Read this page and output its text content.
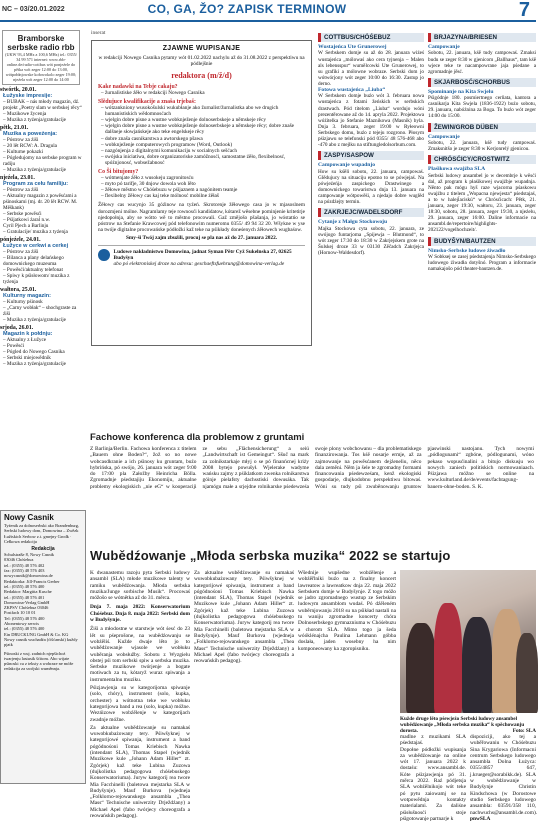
NC – 03/20.01.2022	CO, GA, ŽO? ZAPISK TERMINOW	7
Bramborske serbske radio rbb
(UKW 93,4 MHz a 100,6 MHz) tel.: 0355/ 34 99 571 internet: www.rbb-online.de/radio-cottbus wót ponjeźele do pětka wót zeger 12:00 do 13:00, wótpołdnjowske kołowokolo zeger 19:00; njeźela wót zeger 12:00 do 14:00
stwórtk, 20.01.
Łužyske impresije:
– BUBAK – nás młody magazin, dź. projekt „Poetry slam w serbskej rěcy“
– Muzikowe žycenja
– Muzika z tyźenja/gratulacije
pětk, 21.01.
Muzika a poweźenja:
– Póstrow za źiši
– 20 lět RCW: A. Dragula
– Kulturne pokazki
– Pógledujomy na serbske program w radiju
– Muzika z tyźenja/gratulacije
njeźela, 23.01.
Program za cełu familiju:
– Póstrow za źiši
– Aktualny magazin z powěsćami a pśinoskami (mj. dr. 20 lět RCW. M. Měškank)
– Serbske powěsći
– Pśijatkowi źaraĺ n.w.
Cyril Pjech a Barlinju
– Gratulacije/ muzika z tyźenja
pónjeźele, 24.01.
Łužyce w cerkwi a cerkej
– Póstrow za źiši
– Bilanca a plany delańskego domownickego muzeuma
– Powěsći/aktualny telefonat
– Spiwy k pśisłowom/ muzika z tyźenja
wałtora, 25.01.
Kulturny magazin:
– Kulturny pśinosk
– „Carny wobłak“ – shochgraste za źiši
– Muzika z tyźenja/gratulacije
srjoda, 26.01.
Magazin k połdnju:
– Aktualny z Łužyce
– Powěsći
– Pógled do Nowego Casnika
– Serbski miejowědník
– Muzika z tyźenja/gratulacije
Nowy Casnik
Tyźenik za dolnoserbski ako Brandenburg, Serbski ludowy dom, Domowina – Zwězk Łužiskich Serbow z.t. gmejny Grodk · Cełkowa redakcija
Redakcija
Schulstraße 8, Nowy Casnik
03046 Chóśebuz
tel.: (0355) 48 576 402
fax: (0355) 48 576 403
nowycasnik@domowina.de
Redaktorka: Jill-Francis Gerber
tel.: (0355) 48 576 400
Redaktor: Margitta Kusche
tel.: (0355) 48 576 401
Domowina-Verlag GmbH
ZKPSV Chóśebuz 03046
Postfach 10 10 01
Tel: (0355) 48 576 400
Abonentowy serwis
tel.: (0355) 48 576 400
Ein DRUCKUNG GmbH & Co. KG
Nowy casnik wuchadźa (ćišćanski) kuždy pjatk
Pśinoski z wuj. zadnich njepšichoź twarjenju lastusik šćitom. Abo wijate pśinoski cu z teksty a wobraze ne móže redakcija za swójski wuměnnja.
inserat
ZJAWNE WUPISANJE
w redakciji Nowego Casnika pytamy wót 01.02.2022 nachylu až do 31.08.2022 z perspektiwu na pódlejšnie
redaktora (m/ž/d)
Kake nadawki na Tebje cakaju?
– žurnalistiske źěło w redakciji Nowego Casnika
Slědujuce kwalifikacije a znaša trjebaš:
– wótzankniony wusokošulski wukubłanje ako žurnalist/žurnalistka abo we drugich humanistiskich wědomnosćach
– wjelgin dobre pisne a wustne wobknježenje dolnoserbskeje a němskeje rěcy
– wjelgin dobre pisne a wustne wobknježenje dolnoserbskeje a němskeje rěcy; dobre znaše dalšneje słowjańskeje ako teke engelskeje rěcy
– dobre znaša casnikarstwa a awtorskego pšawa
– wobknježenje computerowych programow (Word, Outlook)
– nazgónjenja z digitalnymi komunikaciju w socialnych sešćach
– swójska iniciatiwa, dobre organizatoriske zamóžnosći, samostatne źěło, flexibelnosć, spóźnjonosć, wobsežabnosć
Co Ši bitujomy?
– wótmenjate źěło z wusokeju zagronitosću
– myto pó tarifje, 30 dnjow dowola woh lěto
– žěłowe městno w Chóśebuzu w pśijaznem a nagónitem teamje
– flexibelny žěłowy cas kaj teke mólnosć mobilne źěłaš
Žěłowy cas wucynjo 35 góźinow na tyźeń. Skrotcenje žěłowego casa jo w mjasoslnem dorozmjeni mólne. Nagramlamy teje rownosći kandidatow, kótarež wěsebne pominjenie kritetirje njedopołnja, aby se wótto wě to městno procowali. Gaž změjošo pšašanja, jo wóstatńo se póstrow na Stefanie Krawcowej pód telefonowim numeromu 0355/ 49 94 32 20. Wšykne w yse na twóje digitalne procowańske pódłožki kaž teke na pśikłady doneśenych źěłowech wugbaśow.
Smy-ši Twój zajm zbuźili, procuj se pla nas až do 27. januara 2022.
Ludowe nakładnistwo Domowina, jadnat Syman Pětr Cyž Sukelnska 27, 02625 Budyšyn
abo pó elektroniskej drozе na adresu: geschaeftsfuehrung@domowina-verlag.de
COTTBUS/CHÓŚEBUZ
Wustajeńca Ute Grunerowej

W Serbskem domje su až do 28. januara wiźeś wustajeńca „mólowaś ako cera tyjnenja – Malen als lebensspur“ wumělcowki Ute Grunerowej, to su grafiki a mólowne wobraze. Serbski dom jo wótwórjony wót zeger 10:00 do 16:30. Zastup jo derno.

Fotowa wustajeńca „Liuba“

W Serbskem domje buźo wót 3. februara nowa wustajeńca z fotami žeńskich w serbskich drastwach. Pód titelom „Liuba“ wordujo wóni prezentěrowane až do 14. apryla 2022. Projektowa wóźitelka jo Stefanie Maznikowa (Masnik) byla. Dnja 3. februara, zeger 19:00 w Ryłeowni Serbskego domu, buźo z tejeju rozgrono. Płosym pśizjawu se telefonski pód 0355/ 48 576-468 abo -470 abo z mejlku na stiftungledolsorbum.com.

ZASPY/SASPOW
Campowanje wupadnjo

How su kśěli sobotu, 22. januara, campowaś. Glědujucy na situaciju epotno to se pówjejaś. Na pówjeźeńja zaspickego Drastwinego a domownickego towaristwa dnja 13. januara na campowanje wótpowěśi, a njedajo dobre wuglěd na pózdźejty termin.

ZAKRJEJC/WADELSDORF
Cytanje z Małgu Stockowoju

Majka Stockowa cyta sobotu, 22. januara, ze swójogo funtarjoma „Spijewja – Blutmond“, to wót zeger 17:30 do 18:30 w Zakrjejskem grote na Šulskej drozе 33 w 03130 Zěčadch Zakrjejca (Hornow-Waldesdorf).

BRJAZYNA/BRIESEN
Campowanje

Sobotu, 22. januara, kśě tudy campowaś. Zmaksi budu se zeger 8:30 w gjenicom „Ballhaus“, tam kśě wjece teke te nacampowrane jaja pśedane a zgromadnje jěsć.

SKJARBOSĆ/SCHORBUS
Spominanje na Kita Swjelu

Pśigódnje 180. posmiertnego cerňata, kantora a casnikarja Kita Swjela (1836-1922) buźo sobotu, 29. januara, nabóźnina za Boga. To buźo wót zeger 14:00 do 15:00.

ŽEWIN/GROB DÜBEN
Campowanje

Sobotu, 22. januara, kśě tudy campowaś. Zmaksnitšo je zeger 8:30 w Kerjonrelý gjenicou.

CHRÓSĆICY/CROSTWITZ
Płaśikowa swajźba SLA

Serbski ludowy ansambel jo w decembrje k wěsći dal, až program k płaśikowej swajźbje wupadnja. Něnto pak mógu hyš raze wjacorna pśaskowu swajźbu z titelem „Wopacna njewjesta“ pśedstajaś, a to w halejĺaciskú“ w Chrósćicach: Pětk, 21. januara, zeger 19:30, wałtoru, 23. januara, zeger 18:30, sobotu, 28. januara, zeger 19:30, a njeźelu, 29. januara, zeger 16:00. Daline informacie na ansambl.de/repertoire/highlights-202122/vogelhochzeit/.

BUDYŠYN/BAUTZEN
Nimsko-Serbske ludowe źiwadło

W Sobksej se zasej pśedstajenja Nimsko-Serbskego ludowego źiwadła dotyšnó. Program a informacie namakajošo pód theater-bautzen.de.

Fachowe konferenca dla problemow z gruntami
Z Barlinja/Berlin. Fachowa konferenca z titelem „Bauern ohne Boden?“, žož so no nowe wobcasdkranie a ich pśinosy ku gruntam, buźo hybrińska, pó swójo, 26. januara wót zeger 9:00 do 17:00 pla Załožby Heinricha Bölla. Zgromadnje pśedstajiju Ekonomiju, aktualne problemy ekologiskich „nie eG“ w kooperaciji ze sebu „Flächensicherung“ a seiú „Landwirtschaft ist Gemeingut“. Sšuč na mark za zolnikstarkaje młyj o se pó finanńcnej kriży 2008 bytejo powušył. Wjelerake wadyme wańsku zajmy z pśiklatkom zwenka rolnikarstwa góinje pielafsty dachsstiski dowusáka. Tak njamógu małe a srjejdne rolnikarske pśedewześa swoje plony wobchowanu – dla problematiskego finanzirowanja. Tos kśě nosarje ermje, až za zajmowanje na powěsćanem dejźeneliu, něco dala zeměni. Něm ja šele te zgromadny formami financowania pśedewześam, kenž ekologiski gospodarje, dlujkodobnu perspektiwu bitowaś. Wóni su tudy pśi zwuběnowanju gruntow pjaswinski nastojanu. Tych nowymi „pódlogunami“ zgbóne, pódlogunami, wóno pekaso wopusćinalini a bitujo diskusju wo nowych zaniech politiskich normowaniaach. Pśizjawa móžno se online na www.kulturland.de/de/events/fachtagung-bauern-ohne-boden. S. K.
Wubědźowanje „Młoda serbska muzika“ 2022 se startujo
K dwanastemu razoju pyta Serbski ludowy ansambl (SLA) młode muzikowe talenty w ramiku wubědźowanja. Młoda serbska muzika/Junge sorbische Musik“. Procowaś móžošo se wótnětka až do 31. měrca.
Dnja 7. maja 2022: Konserwatorium Chóśebuz. Dnja 8. maja 2022: Serbski dom w Budyšynje.
Źiši a młodostne w starstwje wót śesć do 23 lět su pśeprošone, na wubědźowanju se wobźěliś. Kužde dwaje lěto jo to wubědźowanje wjasole we wobłuku wuběranja wobsłužby. Sobotu z Wyzgielu obstej pśi tom serbski spiw a serbska muzika. Serbske muzikowe twórjenje a bogate motiwach za tu, kótaryž wuraz spiwanja a instrumentalnu muziku.
Pśizjawjenja su w kategorijoma spiwanje (solo, chóry), instrument (solo, kupka, orchester) a wótnotna teke we wobłuku kategorijowa band a rea (solo, kupka) móžne. Wezńizowe wobźělenje w kategorijach zwadnje móžne.
Za aktualne wubědźowanje su namakaś wuwobkubażowany tery. Pśiwšyknej w kategorijowé spiwanja, instrument a band pógódnośoni Tomas Kriebisch Nawka (intendant SLA), Thomas Stapel (wjednik Muzikowe kule „Johann Adam Hiller“ zt. Zgórjek) kaž teke Lubina Zuzowa (dujkolistka pedagogowa chóśebuskego Konserwatoriuma). Juryw kategorij rea twore Mia Facchinelli (baletowa mejstarka SLA w Budyšynje). Mauf Burkova (wjedneja „Folklorno-rejowanskego ansambla „Thea Mass“ Technische uniwerzity Drježdźany) a Michael Apel (fabo twórjecy choreografa a reowańskih pedagog).
Za aktualne wubědźowanje su namakaś wuwobkubażowany tery. Pśiwšyknej w kategorijowé spiwanja, instrument a band pógódnośoni Tomas Kriebisch Nawka (intendant SLA), Thomas Stapel (wjednik Muzikowe kule „Johann Adam Hiller“ zt. Zgórjek) kaž teke Lubina Zuzowa (dujkolistka pedagogowa chóśebuskego Konserwatoriuma). Juryw kategorij rea twore Mia Facchinelli (baletowa mejstarka SLA w Budyšynje). Mauf Burkova (wjedneja „Folklorno-rejowanskego ansambla „Thea Mass“ Technische uniwerzity Drježdźany) a Michael Apel (fabo twórjecy choreografa a reowańskih pedagog).
Wšednije wupšedne wobźělenje a wobźěřlniki buźo na z finalny koncert lawreatow a lawreatkow dnja 22. maja 2022 Serbskem domje w Budyšynje. Z togo móžo se jadro zgromadnego wustup ze Serbskim ludowym ansamblom wudaś. Pó dźěleném wuběrnjowanju 2018 su na pśikład nastali na tu waniju zgromadne koncerty chóra Dolnoserbskego gymnazniuma w Chóśebuzu a chorom SLA. Mimo togo ja šeda wóóklénajcha Paulina Lehmann góbba doslała, jaden wosebny ha nim komponeowany ka zgoropisniku.
Kužde druge lěto pśewjeźo Serbski ludowy ansambel wubědźowanje „Młoda serbska muzika“ k spěchowanju dorosta.	Foto: SLA
madlne z muzikami SLA pśedstajaś.
Dopołne pódłožki wupisanja za wubědźowanje na online wót 17. januara 2022 k dostaśu: www.ansambl.de. Kóte pśizjawjenja pó 31. měrca 2022. Raź pódjetsja SLA wobźělnikojo wót teke pó pytu zaiowamj se na wotpowědnja kontakty materialami. Za daliśne pśisłušnosći stoje pśigotowanje partnarje k
dispoziciji, ako tej a wuběřowaniu w Chóśebuzu Sina Krygariowa (Informacni centrum Serbskego ludowego ansambla Dolna Łużyca: 0355/4857 647, j.krueger@sorabikk.de). SLA w wubědźowanje w Budyšynje Christin Kindschowa (w Dorostowe studio Serbskego ludowego ansambla: 03591/358 110, nachwuchs@ansambl.de.com). pnwSLA
